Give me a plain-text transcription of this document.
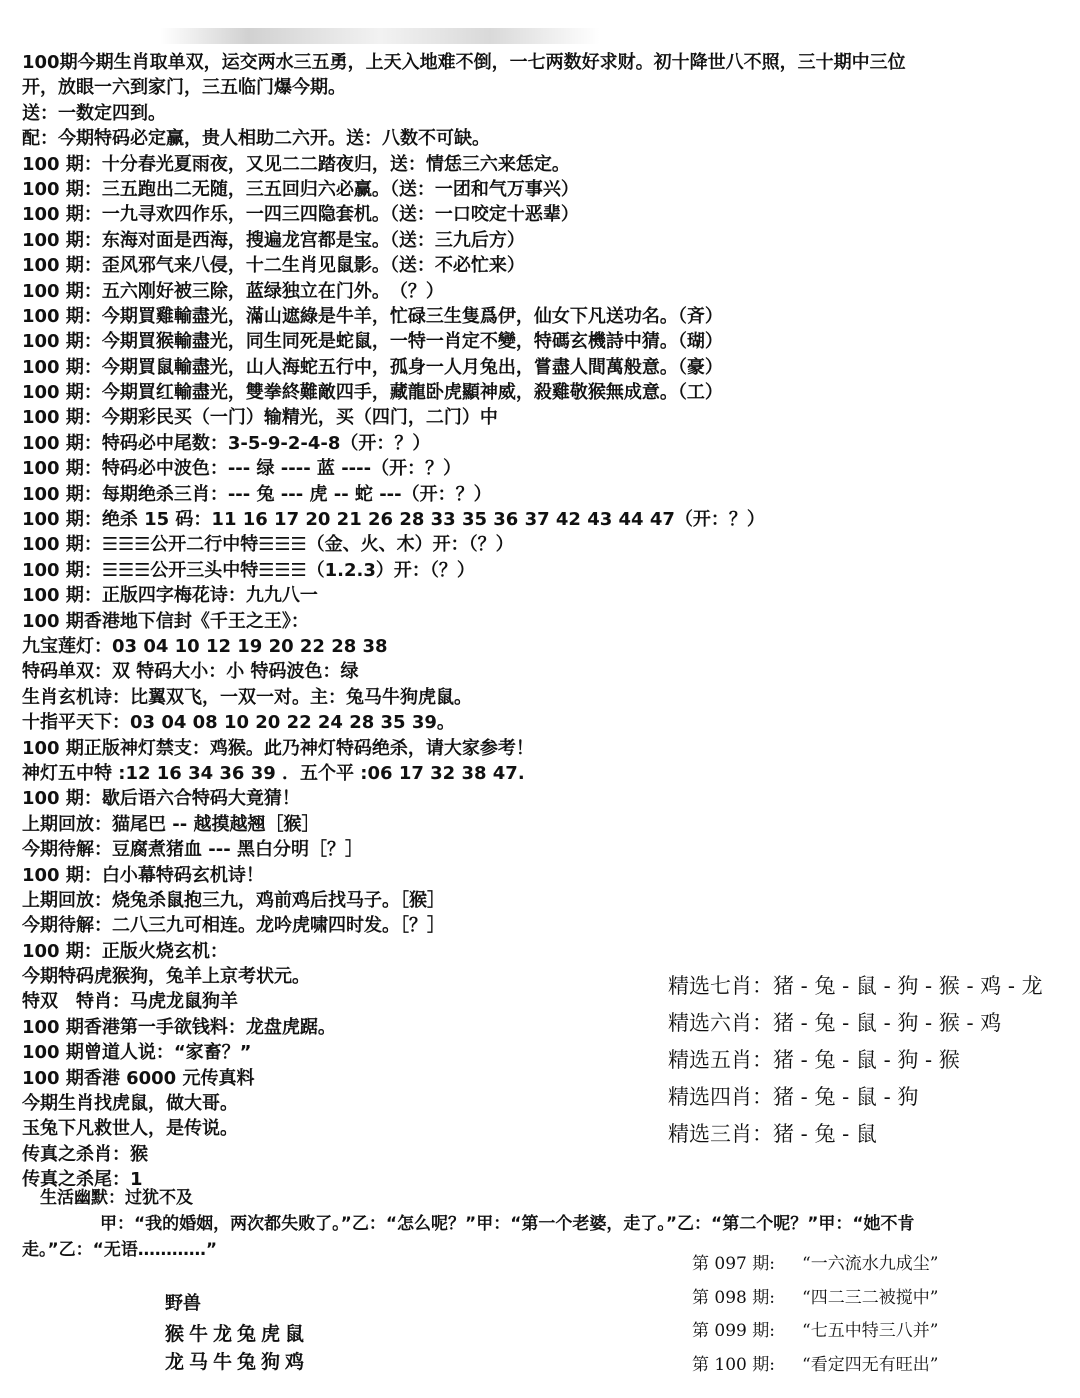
100期今期生肖取单双，运交两水三五勇，上天入地难不倒，一七两数好求财。初十降世八不照，三十期中三位
开，放眼一六到家门，三五临门爆今期。
送：一数定四到。
配：今期特码必定赢，贵人相助二六开。送：八数不可缺。
100 期：十分春光夏雨夜，又见二二踏夜归，送：情恁三六来恁定。
100 期：三五跑出二无随，三五回归六必赢。（送：一团和气万事兴）
100 期：一九寻欢四作乐，一四三四隐套机。（送：一口咬定十恶辈）
100 期：东海对面是西海，搜遍龙宫都是宝。（送：三九后方）
100 期：歪风邪气来八侵，十二生肖见鼠影。（送：不必忙来）
100 期：五六刚好被三除，蓝绿独立在门外。　（？）
100 期：今期買雞輸盡光，滿山遮綠是牛羊，忙碌三生隻爲伊，仙女下凡送功名。（斉）
100 期：今期買猴輸盡光，同生同死是蛇鼠，一特一肖定不變，特碼玄機詩中猜。（瑚）
100 期：今期買鼠輸盡光，山人海蛇五行中，孤身一人月兔出，嘗盡人間萬般意。（豪）
100 期：今期買红輸盡光，雙拳終難敵四手，藏龍卧虎顯神威，殺雞敬猴無成意。（工）
100 期：今期彩民买（一门）输精光，买（四门，二门）中
100 期：特码必中尾数：3-5-9-2-4-8（开：？）
100 期：特码必中波色：--- 绿 ---- 蓝 ----（开：？）
100 期：每期绝杀三肖：--- 兔 --- 虎 -- 蛇 ---（开：？）
100 期：绝杀 15 码：11 16 17 20 21 26 28 33 35 36 37 42 43 44 47（开：？）
100 期：☰☰☰公开二行中特☰☰☰（金、火、木）开：（？）
100 期：☰☰☰公开三头中特☰☰☰（1.2.3）开：（？）
100 期：正版四字梅花诗：九九八一
100 期香港地下信封《千王之王》：
九宝莲灯：03 04 10 12 19 20 22 28 38
特码单双：双 特码大小：小 特码波色：绿
生肖玄机诗：比翼双飞，一双一对。主：兔马牛狗虎鼠。
十指平天下：03 04 08 10 20 22 24 28 35 39。
100 期正版神灯禁支：鸡猴。此乃神灯特码绝杀，请大家参考！
神灯五中特 :12 16 34 36 39 ．五个平 :06 17 32 38 47.
100 期：歇后语六合特码大竟猜！
上期回放：猫尾巴 -- 越摸越翘［猴］
今期待解：豆腐煮猪血 --- 黑白分明［？］
100 期：白小幕特码玄机诗！
上期回放：烧兔杀鼠抱三九，鸡前鸡后找马子。［猴］
今期待解：二八三九可相连。龙吟虎啸四时发。［？］
100 期：正版火烧玄机：
今期特码虎猴狗，兔羊上京考状元。
特双　特肖：马虎龙鼠狗羊
100 期香港第一手欲钱料：龙盘虎踞。
100 期曾道人说：“家畜？”
100 期香港 6000 元传真料
今期生肖找虎鼠，做大哥。
玉兔下凡救世人，是传说。
传真之杀肖：猴
传真之杀尾：1
精选七肖：猪 - 兔 - 鼠 - 狗 - 猴 - 鸡 - 龙
精选六肖：猪 - 兔 - 鼠 - 狗 - 猴 - 鸡
精选五肖：猪 - 兔 - 鼠 - 狗 - 猴
精选四肖：猪 - 兔 - 鼠 - 狗
精选三肖：猪 - 兔 - 鼠
生活幽默：过犹不及
甲：“我的婚姻，两次都失败了。”乙：“怎么呢？”甲：“第一个老婆，走了。”乙：“第二个呢？”甲：“她不肯
走。”乙：“无语…………”
第 097 期: “一六流水九成尘”
第 098 期: “四二三二被搅中”
第 099 期: “七五中特三八并”
第 100 期: “看定四无有旺出”
野兽
猴牛龙兔虎鼠
龙马牛兔狗鸡
